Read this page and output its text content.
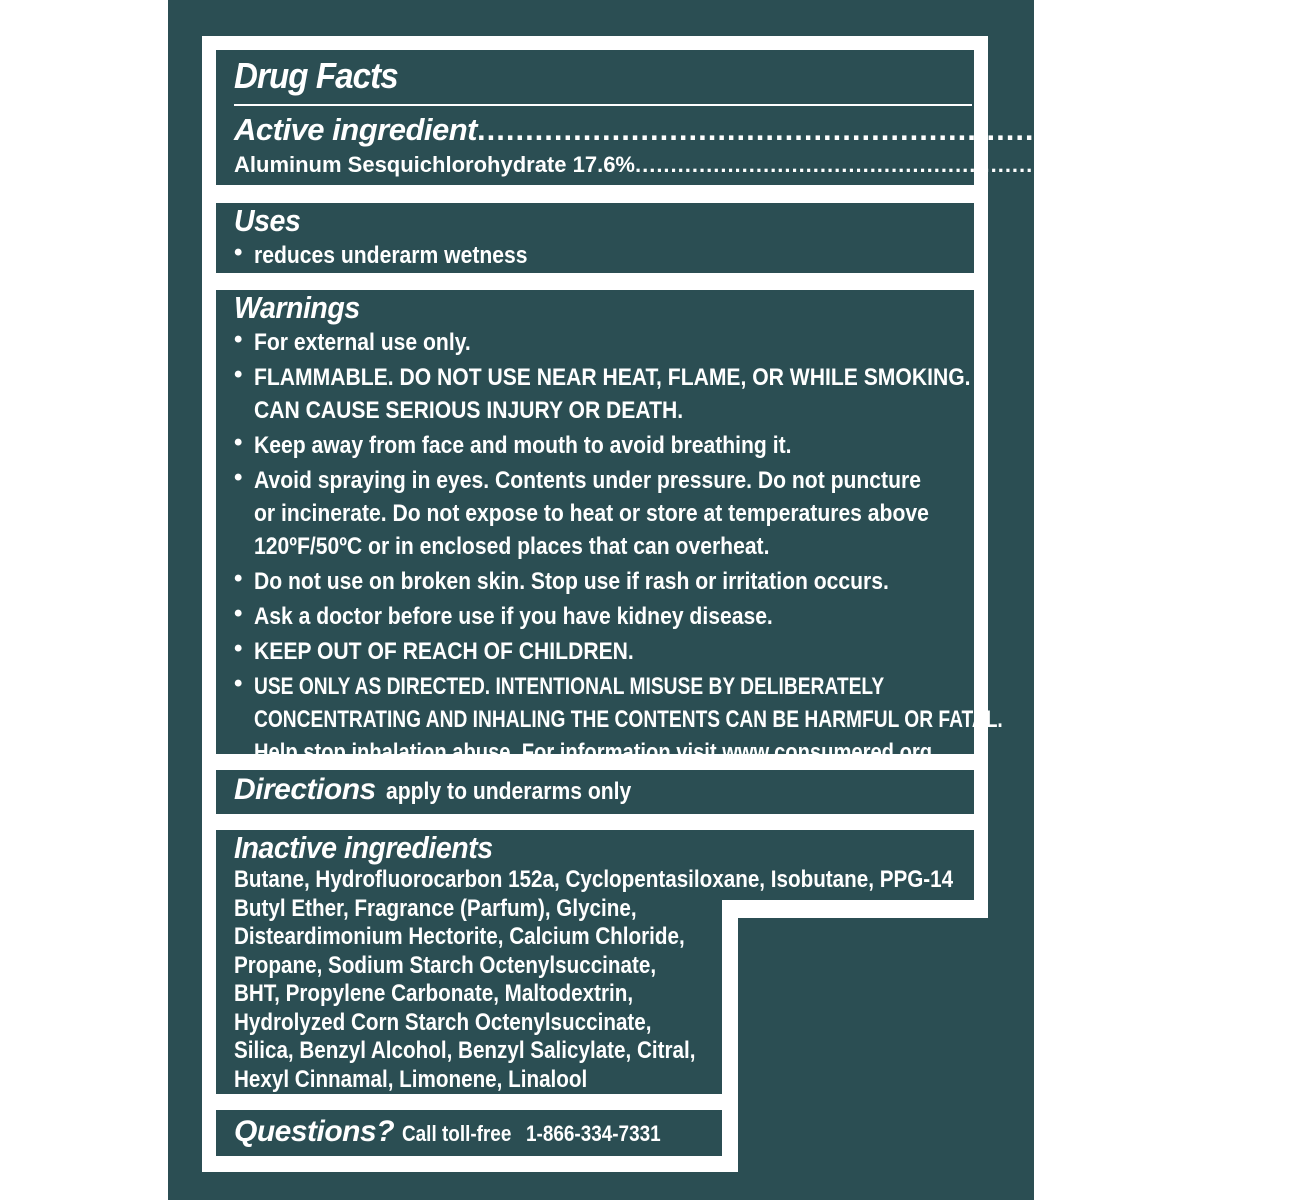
Drug Facts
Active ingredient ........................................................................ Purpose
Aluminum Sesquichlorohydrate 17.6% ................................................................ antiperspirant
Uses
• reduces underarm wetness
Warnings
• For external use only.
• FLAMMABLE. DO NOT USE NEAR HEAT, FLAME, OR WHILE SMOKING.
CAN CAUSE SERIOUS INJURY OR DEATH.
• Keep away from face and mouth to avoid breathing it.
• Avoid spraying in eyes. Contents under pressure. Do not puncture
or incinerate. Do not expose to heat or store at temperatures above
120ºF/50ºC or in enclosed places that can overheat.
• Do not use on broken skin. Stop use if rash or irritation occurs.
• Ask a doctor before use if you have kidney disease.
• KEEP OUT OF REACH OF CHILDREN.
• USE ONLY AS DIRECTED. INTENTIONAL MISUSE BY DELIBERATELY
CONCENTRATING AND INHALING THE CONTENTS CAN BE HARMFUL OR FATAL.
Help stop inhalation abuse. For information visit www.consumered.org
Directions apply to underarms only
Inactive ingredients
Butane, Hydrofluorocarbon 152a, Cyclopentasiloxane, Isobutane, PPG-14
Butyl Ether, Fragrance (Parfum), Glycine,
Disteardimonium Hectorite, Calcium Chloride,
Propane, Sodium Starch Octenylsuccinate,
BHT, Propylene Carbonate, Maltodextrin,
Hydrolyzed Corn Starch Octenylsuccinate,
Silica, Benzyl Alcohol, Benzyl Salicylate, Citral,
Hexyl Cinnamal, Limonene, Linalool
Questions? Call toll-free 1-866-334-7331
